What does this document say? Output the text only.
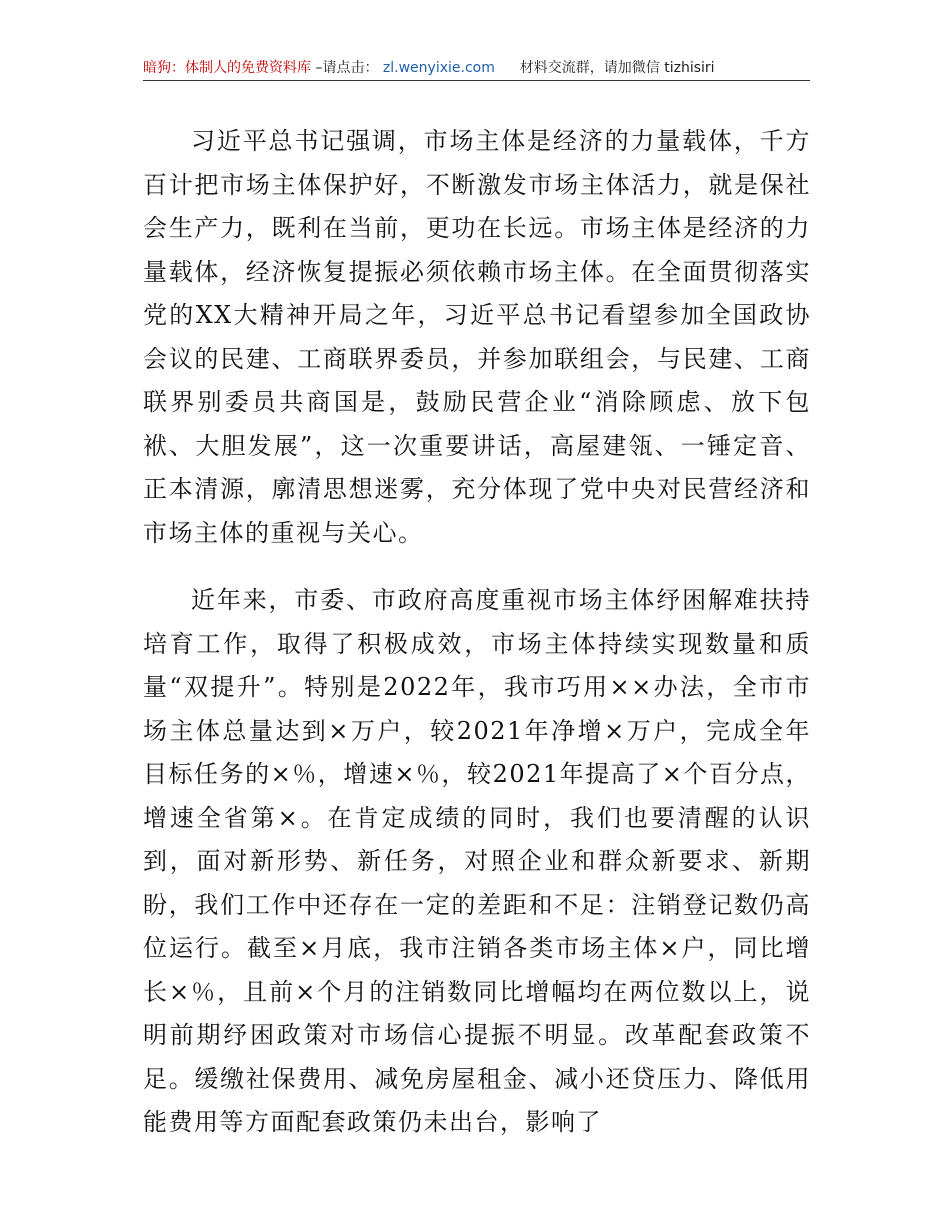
暗狗：体制人的免费资料库 –请点击： zl.wenyixie.com 材料交流群，请加微信 tizhisiri

习近平总书记强调，市场主体是经济的力量载体，千方百计把市场主体保护好，不断激发市场主体活力，就是保社会生产力，既利在当前，更功在长远。市场主体是经济的力量载体，经济恢复提振必须依赖市场主体。在全面贯彻落实党的XX大精神开局之年，习近平总书记看望参加全国政协会议的民建、工商联界委员，并参加联组会，与民建、工商联界别委员共商国是，鼓励民营企业“消除顾虑、放下包袱、大胆发展”，这一次重要讲话，高屋建瓴、一锤定音、正本清源，廓清思想迷雾，充分体现了党中央对民营经济和市场主体的重视与关心。

近年来，市委、市政府高度重视市场主体纾困解难扶持培育工作，取得了积极成效，市场主体持续实现数量和质量“双提升”。特别是2022年，我市巧用××办法，全市市场主体总量达到×万户，较2021年净增×万户，完成全年目标任务的×％，增速×％，较2021年提高了×个百分点，增速全省第×。在肯定成绩的同时，我们也要清醒的认识到，面对新形势、新任务，对照企业和群众新要求、新期盼，我们工作中还存在一定的差距和不足：注销登记数仍高位运行。截至×月底，我市注销各类市场主体×户，同比增长×％，且前×个月的注销数同比增幅均在两位数以上，说明前期纾困政策对市场信心提振不明显。改革配套政策不足。缓缴社保费用、减免房屋租金、减小还贷压力、降低用能费用等方面配套政策仍未出台，影响了
